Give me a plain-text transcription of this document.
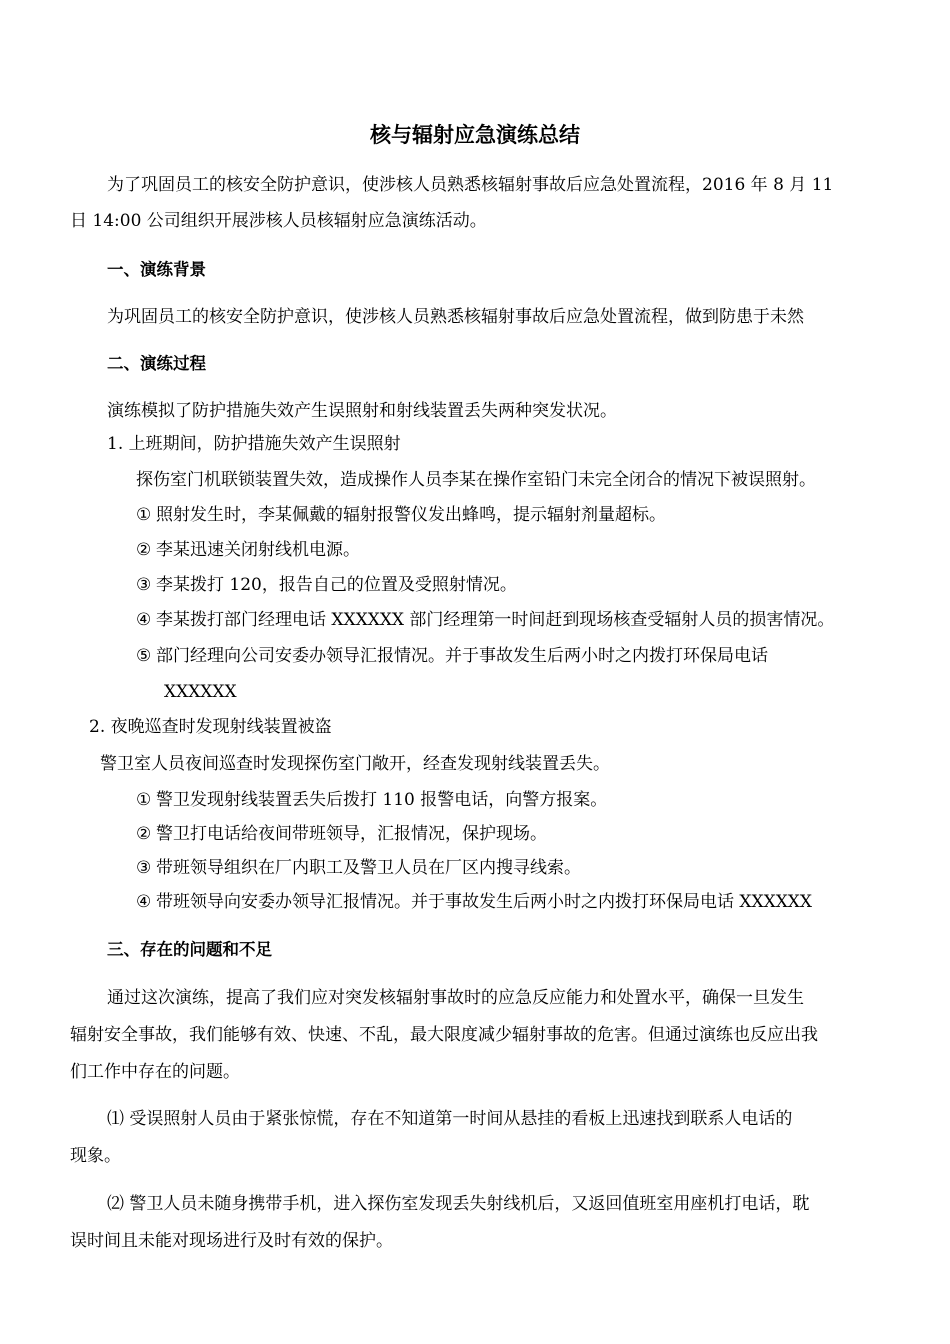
核与辐射应急演练总结
为了巩固员工的核安全防护意识，使涉核人员熟悉核辐射事故后应急处置流程，2016 年 8 月 11
日 14:00 公司组织开展涉核人员核辐射应急演练活动。
一、演练背景
为巩固员工的核安全防护意识，使涉核人员熟悉核辐射事故后应急处置流程，做到防患于未然
二、演练过程
演练模拟了防护措施失效产生误照射和射线装置丢失两种突发状况。
1. 上班期间，防护措施失效产生误照射
探伤室门机联锁装置失效，造成操作人员李某在操作室铅门未完全闭合的情况下被误照射。
① 照射发生时，李某佩戴的辐射报警仪发出蜂鸣，提示辐射剂量超标。
② 李某迅速关闭射线机电源。
③ 李某拨打 120，报告自己的位置及受照射情况。
④ 李某拨打部门经理电话 XXXXXX 部门经理第一时间赶到现场核查受辐射人员的损害情况。
⑤ 部门经理向公司安委办领导汇报情况。并于事故发生后两小时之内拨打环保局电话
XXXXXX
2. 夜晚巡查时发现射线装置被盗
警卫室人员夜间巡查时发现探伤室门敞开，经查发现射线装置丢失。
① 警卫发现射线装置丢失后拨打 110 报警电话，向警方报案。
② 警卫打电话给夜间带班领导，汇报情况，保护现场。
③ 带班领导组织在厂内职工及警卫人员在厂区内搜寻线索。
④ 带班领导向安委办领导汇报情况。并于事故发生后两小时之内拨打环保局电话 XXXXXX
三、存在的问题和不足
通过这次演练，提高了我们应对突发核辐射事故时的应急反应能力和处置水平，确保一旦发生
辐射安全事故，我们能够有效、快速、不乱，最大限度减少辐射事故的危害。但通过演练也反应出我
们工作中存在的问题。
⑴ 受误照射人员由于紧张惊慌，存在不知道第一时间从悬挂的看板上迅速找到联系人电话的
现象。
⑵ 警卫人员未随身携带手机，进入探伤室发现丢失射线机后，又返回值班室用座机打电话，耽
误时间且未能对现场进行及时有效的保护。
